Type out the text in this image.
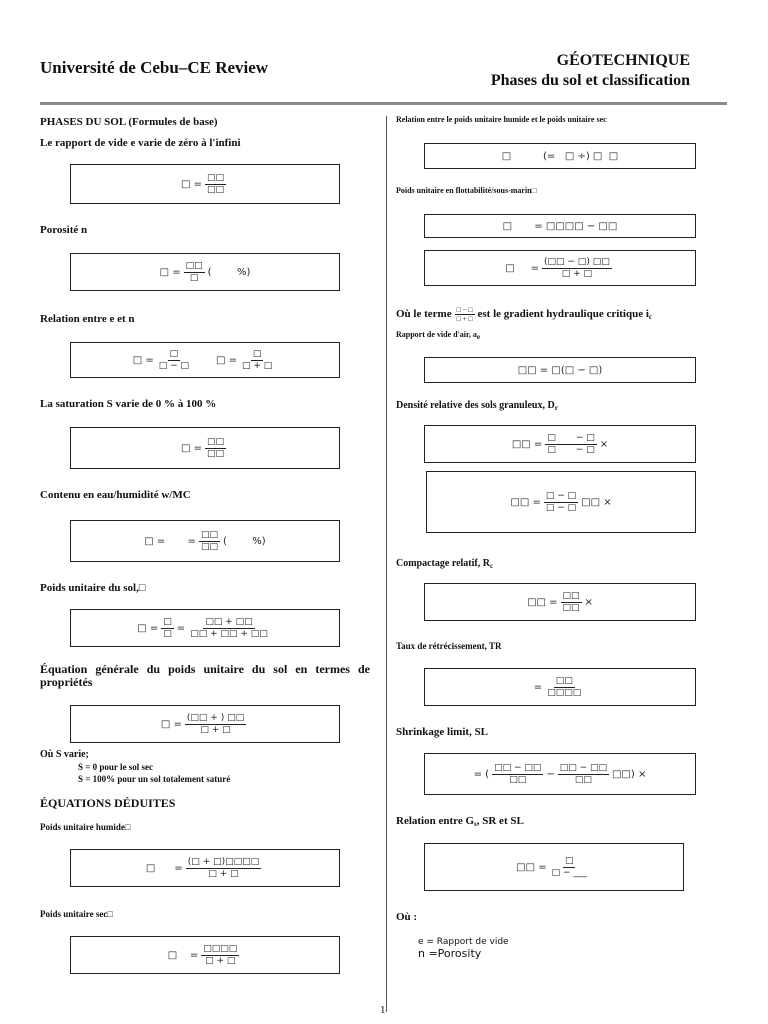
Université de Cebu–CE Review	GÉOTECHNIQUE
Phases du sol et classification
PHASES DU SOL (Formules de base)
Le rapport de vide e varie de zéro à l'infini
□ = $\frac{□□}{□□}$
Porosité n
□ = $\frac{□□}{□}$ (        %)
Relation entre e et n
□ = $\frac{□}{□ - □}$	□ = $\frac{□}{□ + □}$
La saturation S varie de 0 % à 100 %
□ = $\frac{□□}{□□}$
Contenu en eau/humidité w/MC
□ =       = $\frac{□□}{□□}$ (        %)
Poids unitaire du sol,□
□ = $\frac{□}{□} = \frac{□□ + □□}{□□ + □□ + □□}$
Équation générale du poids unitaire du sol en termes de propriétés
□ = $\frac{(□□ + ) □□}{□ + □}$
Où S varie;
S = 0 pour le sol sec
S = 100% pour un sol totalement saturé
ÉQUATIONS DÉDUITES
Poids unitaire humide□
□      = $\frac{(□ + □)□□□□}{□ + □}$
Poids unitaire sec□
□    = $\frac{□□□□}{□ + □}$
Relation entre le poids unitaire humide et le poids unitaire sec
□          (=   □ ÷) □  □
Poids unitaire en flottabilité/sous-marin□
□       = □□□□ − □□
□     = $\frac{(□□ - □) □□}{□ + □}$
Où le terme $\frac{□ - □}{□ + □}$ est le gradient hydraulique critique ic
Rapport de vide d'air, ae
□□ = □(□ − □)
Densité relative des sols granuleux, $D_r$
□□ = $\frac{□ - □}{□ - □}$ ×
□□ = $\frac{□ - □}{□ - □}$ □□ ×
Compactage relatif, $R_c$
□□ = $\frac{□□}{□□}$ ×
Taux de rétrécissement, TR
= $\frac{□□}{□□□□}$
Shrinkage limit, SL
= ( $\frac{□□ - □□}{□□} - \frac{□□ - □□}{□□}$ □□) ×
Relation entre Gs, SR et SL
□□ = $\frac{□}{□ - \_\_\_}$
Où :
e = Rapport de vide
n =Porosity
1
